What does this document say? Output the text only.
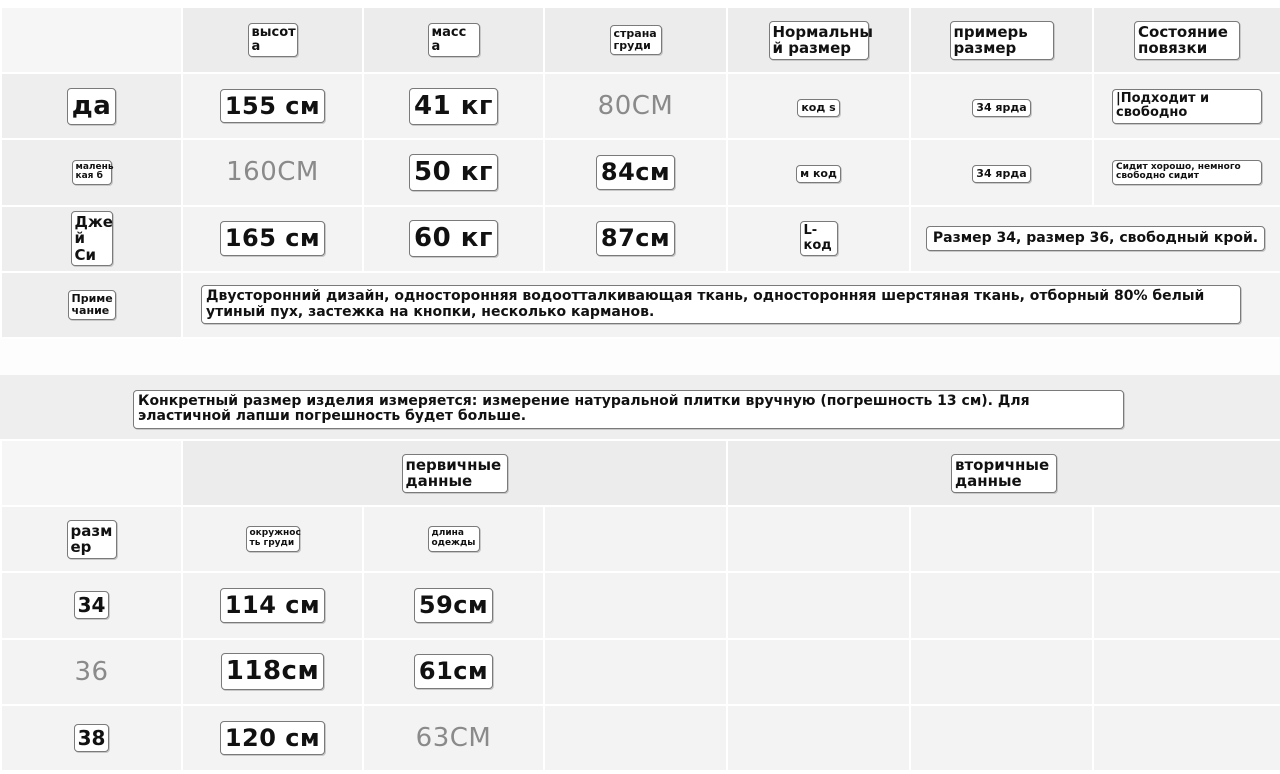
	высот а	масс а	страна груди	Нормальны й размер	примерь размер	Состояние повязки
да	155 см	41 кг	80CM	код s	34 ярда	|Подходит и свободно
малень кая б	160CM	50 кг	84см	м код	34 ярда	Сидит хорошо, немного свободно сидит
Дже й Си	165 см	60 кг	87см	L- код	Размер 34, размер 36, свободный крой.	
Приме чание	Двусторонний дизайн, односторонняя водоотталкивающая ткань, односторонняя шерстяная ткань, отборный 80% белый утиный пух, застежка на кнопки, несколько карманов.					
Конкретный размер изделия измеряется: измерение натуральной плитки вручную (погрешность 13 см). Для эластичной лапши погрешность будет больше.
	первичные данные			вторичные данные		
разм ер	окружнос ть груди	длина одежды				
34	114 см	59см				
36	118см	61см				
38	120 см	63CM				
